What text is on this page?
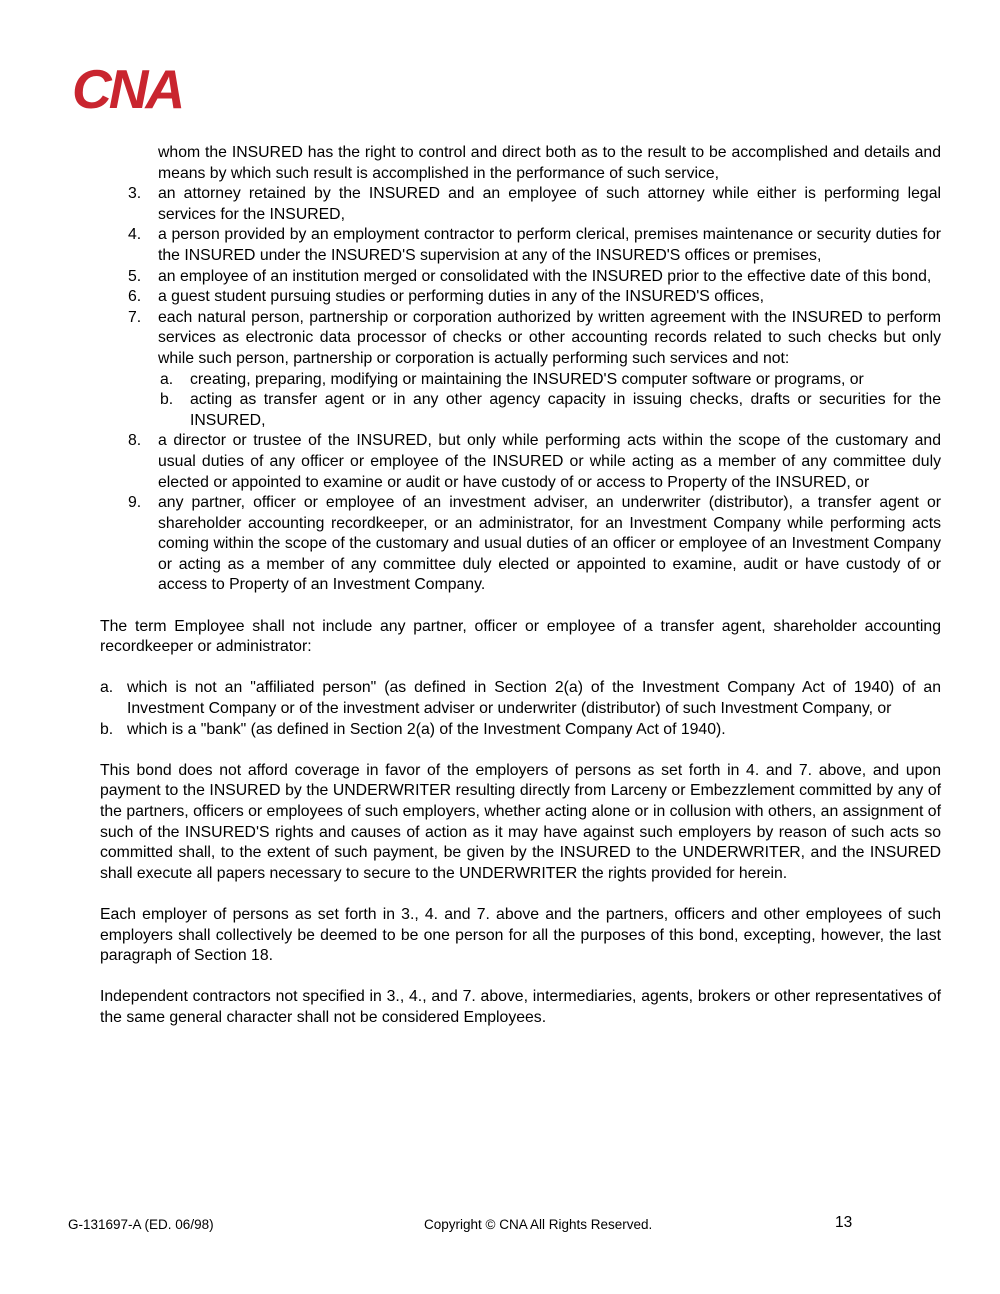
CNA
whom the INSURED has the right to control and direct both as to the result to be accomplished and details and means by which such result is accomplished in the performance of such service,
3.	an attorney retained by the INSURED and an employee of such attorney while either is performing legal services for the INSURED,
4.	a person provided by an employment contractor to perform clerical, premises maintenance or security duties for the INSURED under the INSURED'S supervision at any of the INSURED'S offices or premises,
5.	an employee of an institution merged or consolidated with the INSURED prior to the effective date of this bond,
6.	a guest student pursuing studies or performing duties in any of the INSURED'S offices,
7.	each natural person, partnership or corporation authorized by written agreement with the INSURED to perform services as electronic data processor of checks or other accounting records related to such checks but only while such person, partnership or corporation is actually performing such services and not:
a.	creating, preparing, modifying or maintaining the INSURED'S computer software or programs, or
b.	acting as transfer agent or in any other agency capacity in issuing checks, drafts or securities for the INSURED,
8.	a director or trustee of the INSURED, but only while performing acts within the scope of the customary and usual duties of any officer or employee of the INSURED or while acting as a member of any committee duly elected or appointed to examine or audit or have custody of or access to Property of the INSURED, or
9.	any partner, officer or employee of an investment adviser, an underwriter (distributor), a transfer agent or shareholder accounting recordkeeper, or an administrator, for an Investment Company while performing acts coming within the scope of the customary and usual duties of an officer or employee of an Investment Company or acting as a member of any committee duly elected or appointed to examine, audit or have custody of or access to Property of an Investment Company.
The term Employee shall not include any partner, officer or employee of a transfer agent, shareholder accounting recordkeeper or administrator:
a. which is not an "affiliated person" (as defined in Section 2(a) of the Investment Company Act of 1940) of an Investment Company or of the investment adviser or underwriter (distributor) of such Investment Company, or
b. which is a "bank" (as defined in Section 2(a) of the Investment Company Act of 1940).
This bond does not afford coverage in favor of the employers of persons as set forth in 4. and 7. above, and upon payment to the INSURED by the UNDERWRITER resulting directly from Larceny or Embezzlement committed by any of the partners, officers or employees of such employers, whether acting alone or in collusion with others, an assignment of such of the INSURED'S rights and causes of action as it may have against such employers by reason of such acts so committed shall, to the extent of such payment, be given by the INSURED to the UNDERWRITER, and the INSURED shall execute all papers necessary to secure to the UNDERWRITER the rights provided for herein.
Each employer of persons as set forth in 3., 4. and 7. above and the partners, officers and other employees of such employers shall collectively be deemed to be one person for all the purposes of this bond, excepting, however, the last paragraph of Section 18.
Independent contractors not specified in 3., 4., and 7. above, intermediaries, agents, brokers or other representatives of the same general character shall not be considered Employees.
G-131697-A (ED. 06/98)	Copyright © CNA All Rights Reserved.	13
